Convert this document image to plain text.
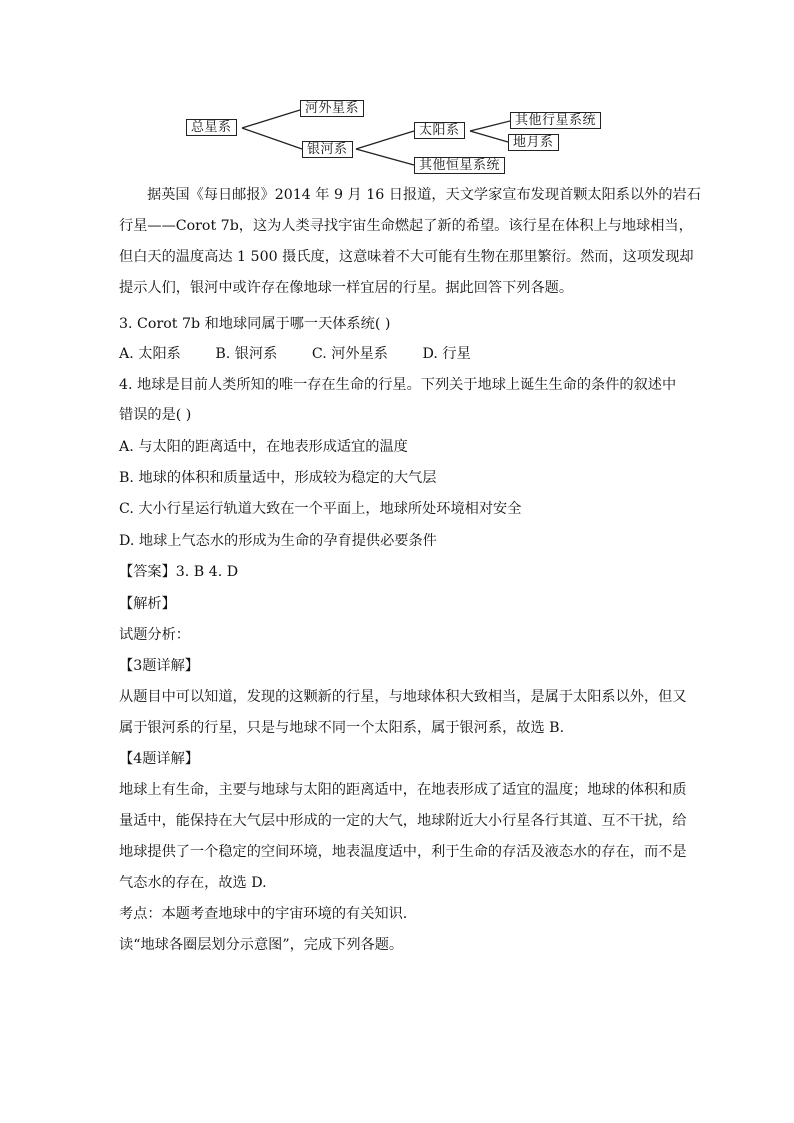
总星系
河外星系
银河系
太阳系
其他行星系统
地月系
其他恒星系统
据英国《每日邮报》2014 年 9 月 16 日报道，天文学家宣布发现首颗太阳系以外的岩石
行星——Corot 7b，这为人类寻找宇宙生命燃起了新的希望。该行星在体积上与地球相当，
但白天的温度高达 1 500 摄氏度，这意味着不大可能有生物在那里繁衍。然而，这项发现却
提示人们，银河中或许存在像地球一样宜居的行星。据此回答下列各题。
3. Corot 7b 和地球同属于哪一天体系统( )
A. 太阳系 B. 银河系 C. 河外星系 D. 行星
4. 地球是目前人类所知的唯一存在生命的行星。下列关于地球上诞生生命的条件的叙述中
错误的是( )
A. 与太阳的距离适中，在地表形成适宜的温度
B. 地球的体积和质量适中，形成较为稳定的大气层
C. 大小行星运行轨道大致在一个平面上，地球所处环境相对安全
D. 地球上气态水的形成为生命的孕育提供必要条件
【答案】3. B 4. D
【解析】
试题分析：
【3题详解】
从题目中可以知道，发现的这颗新的行星，与地球体积大致相当，是属于太阳系以外，但又
属于银河系的行星，只是与地球不同一个太阳系，属于银河系，故选 B.
【4题详解】
地球上有生命，主要与地球与太阳的距离适中，在地表形成了适宜的温度；地球的体积和质
量适中，能保持在大气层中形成的一定的大气，地球附近大小行星各行其道、互不干扰，给
地球提供了一个稳定的空间环境，地表温度适中，利于生命的存活及液态水的存在，而不是
气态水的存在，故选 D.
考点：本题考查地球中的宇宙环境的有关知识.
读“地球各圈层划分示意图”，完成下列各题。
